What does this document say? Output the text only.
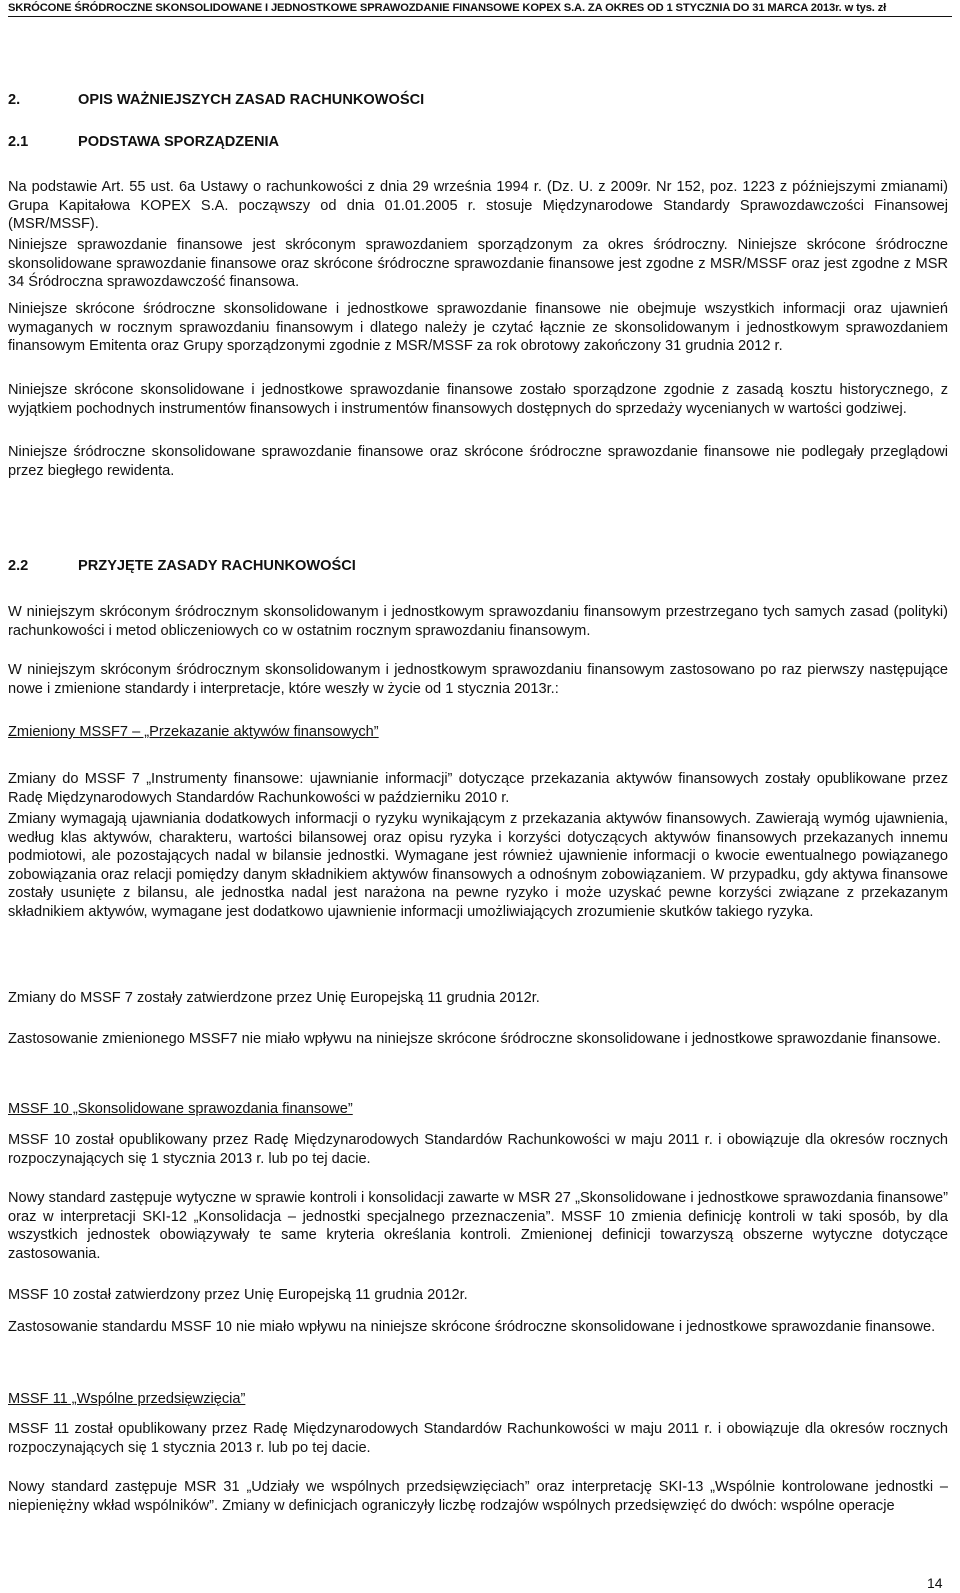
SKRÓCONE ŚRÓDROCZNE SKONSOLIDOWANE I JEDNOSTKOWE SPRAWOZDANIE FINANSOWE KOPEX S.A. ZA OKRES OD 1 STYCZNIA DO 31 MARCA 2013r. w tys. zł
2.	OPIS WAŻNIEJSZYCH ZASAD RACHUNKOWOŚCI
2.1	PODSTAWA SPORZĄDZENIA

Na podstawie Art. 55 ust. 6a Ustawy o rachunkowości z dnia 29 września 1994 r. (Dz. U. z 2009r. Nr 152, poz. 1223 z późniejszymi zmianami) Grupa Kapitałowa KOPEX S.A. począwszy od dnia 01.01.2005 r. stosuje Międzynarodowe Standardy Sprawozdawczości Finansowej (MSR/MSSF).

Niniejsze sprawozdanie finansowe jest skróconym sprawozdaniem sporządzonym za okres śródroczny. Niniejsze skrócone śródroczne skonsolidowane sprawozdanie finansowe oraz skrócone śródroczne sprawozdanie finansowe jest zgodne z MSR/MSSF oraz jest zgodne z MSR 34 Śródroczna sprawozdawczość finansowa.

Niniejsze skrócone śródroczne skonsolidowane i jednostkowe sprawozdanie finansowe nie obejmuje wszystkich informacji oraz ujawnień wymaganych w rocznym sprawozdaniu finansowym i dlatego należy je czytać łącznie ze skonsolidowanym i jednostkowym sprawozdaniem finansowym Emitenta oraz Grupy sporządzonymi zgodnie z MSR/MSSF za rok obrotowy zakończony 31 grudnia 2012 r.

Niniejsze skrócone skonsolidowane i jednostkowe sprawozdanie finansowe zostało sporządzone zgodnie z zasadą kosztu historycznego, z wyjątkiem pochodnych instrumentów finansowych i instrumentów finansowych dostępnych do sprzedaży wycenianych w wartości godziwej.

Niniejsze śródroczne skonsolidowane sprawozdanie finansowe oraz skrócone śródroczne sprawozdanie finansowe nie podlegały przeglądowi przez biegłego rewidenta.

2.2	PRZYJĘTE ZASADY RACHUNKOWOŚCI

W niniejszym skróconym śródrocznym skonsolidowanym i jednostkowym sprawozdaniu finansowym przestrzegano tych samych zasad (polityki) rachunkowości i metod obliczeniowych co w ostatnim rocznym sprawozdaniu finansowym.

W niniejszym skróconym śródrocznym skonsolidowanym i jednostkowym sprawozdaniu finansowym zastosowano po raz pierwszy następujące nowe i zmienione standardy i interpretacje, które weszły w życie od 1 stycznia 2013r.:

Zmieniony MSSF7 – „Przekazanie aktywów finansowych”

Zmiany do MSSF 7 „Instrumenty finansowe: ujawnianie informacji” dotyczące przekazania aktywów finansowych zostały opublikowane przez Radę Międzynarodowych Standardów Rachunkowości w październiku 2010 r.

Zmiany wymagają ujawniania dodatkowych informacji o ryzyku wynikającym z przekazania aktywów finansowych. Zawierają wymóg ujawnienia, według klas aktywów, charakteru, wartości bilansowej oraz opisu ryzyka i korzyści dotyczących aktywów finansowych przekazanych innemu podmiotowi, ale pozostających nadal w bilansie jednostki. Wymagane jest również ujawnienie informacji o kwocie ewentualnego powiązanego zobowiązania oraz relacji pomiędzy danym składnikiem aktywów finansowych a odnośnym zobowiązaniem. W przypadku, gdy aktywa finansowe zostały usunięte z bilansu, ale jednostka nadal jest narażona na pewne ryzyko i może uzyskać pewne korzyści związane z przekazanym składnikiem aktywów, wymagane jest dodatkowo ujawnienie informacji umożliwiających zrozumienie skutków takiego ryzyka.

Zmiany do MSSF 7 zostały zatwierdzone przez Unię Europejską 11 grudnia 2012r.

Zastosowanie zmienionego MSSF7 nie miało wpływu na niniejsze skrócone śródroczne skonsolidowane i jednostkowe sprawozdanie finansowe.

MSSF 10 „Skonsolidowane sprawozdania finansowe”

MSSF 10 został opublikowany przez Radę Międzynarodowych Standardów Rachunkowości w maju 2011 r. i obowiązuje dla okresów rocznych rozpoczynających się 1 stycznia 2013 r. lub po tej dacie.

Nowy standard zastępuje wytyczne w sprawie kontroli i konsolidacji zawarte w MSR 27 „Skonsolidowane i jednostkowe sprawozdania finansowe” oraz w interpretacji SKI-12 „Konsolidacja – jednostki specjalnego przeznaczenia”. MSSF 10 zmienia definicję kontroli w taki sposób, by dla wszystkich jednostek obowiązywały te same kryteria określania kontroli. Zmienionej definicji towarzyszą obszerne wytyczne dotyczące zastosowania.

MSSF 10 został zatwierdzony przez Unię Europejską 11 grudnia 2012r.

Zastosowanie standardu MSSF 10 nie miało wpływu na niniejsze skrócone śródroczne skonsolidowane i jednostkowe sprawozdanie finansowe.

MSSF 11 „Wspólne przedsięwzięcia”

MSSF 11 został opublikowany przez Radę Międzynarodowych Standardów Rachunkowości w maju 2011 r. i obowiązuje dla okresów rocznych rozpoczynających się 1 stycznia 2013 r. lub po tej dacie.

Nowy standard zastępuje MSR 31 „Udziały we wspólnych przedsięwzięciach” oraz interpretację SKI-13 „Wspólnie kontrolowane jednostki – niepieniężny wkład wspólników”. Zmiany w definicjach ograniczyły liczbę rodzajów wspólnych przedsięwzięć do dwóch: wspólne operacje

14
